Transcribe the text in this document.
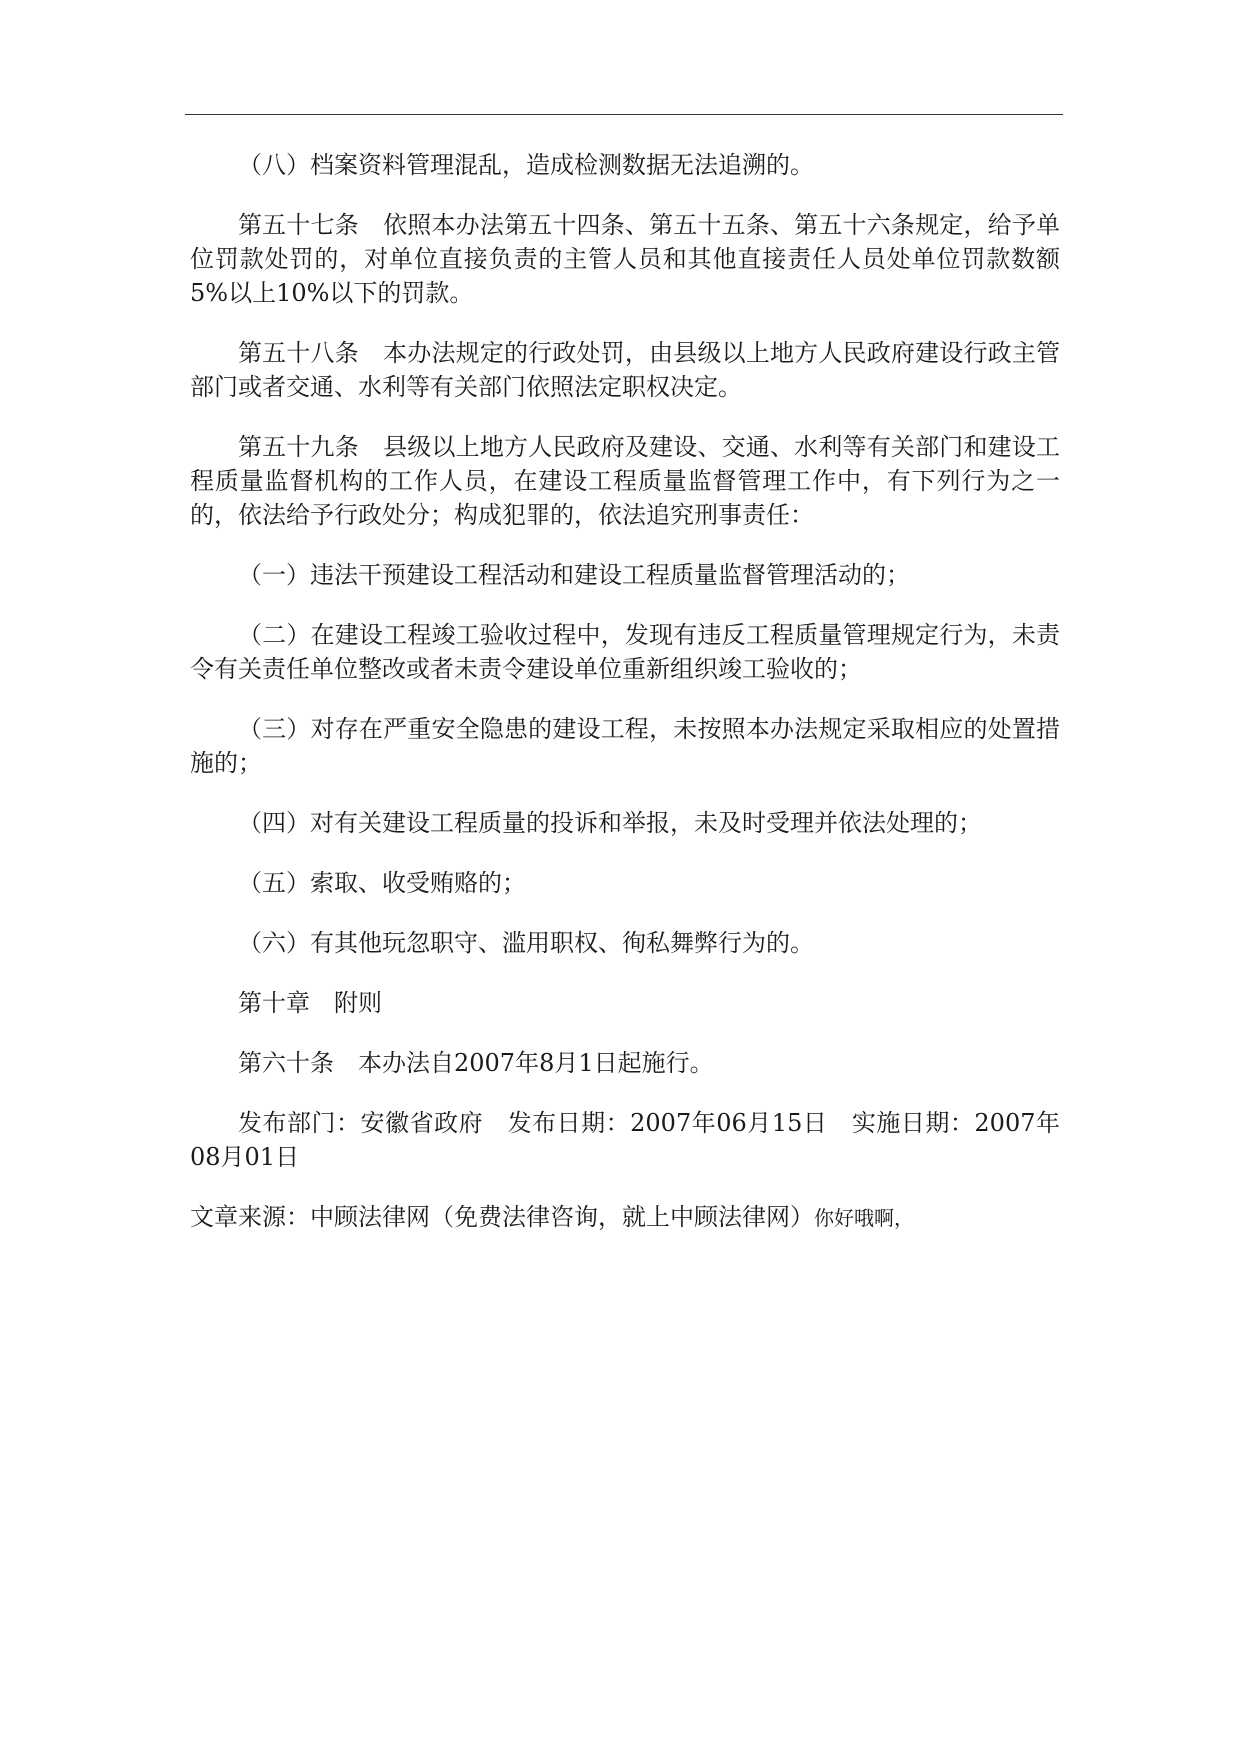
（八）档案资料管理混乱，造成检测数据无法追溯的。

第五十七条　依照本办法第五十四条、第五十五条、第五十六条规定，给予单位罚款处罚的，对单位直接负责的主管人员和其他直接责任人员处单位罚款数额5%以上10%以下的罚款。

第五十八条　本办法规定的行政处罚，由县级以上地方人民政府建设行政主管部门或者交通、水利等有关部门依照法定职权决定。

第五十九条　县级以上地方人民政府及建设、交通、水利等有关部门和建设工程质量监督机构的工作人员，在建设工程质量监督管理工作中，有下列行为之一的，依法给予行政处分；构成犯罪的，依法追究刑事责任：

（一）违法干预建设工程活动和建设工程质量监督管理活动的；

（二）在建设工程竣工验收过程中，发现有违反工程质量管理规定行为，未责令有关责任单位整改或者未责令建设单位重新组织竣工验收的；

（三）对存在严重安全隐患的建设工程，未按照本办法规定采取相应的处置措施的；

（四）对有关建设工程质量的投诉和举报，未及时受理并依法处理的；

（五）索取、收受贿赂的；

（六）有其他玩忽职守、滥用职权、徇私舞弊行为的。

第十章　附则

第六十条　本办法自2007年8月1日起施行。

发布部门：安徽省政府　发布日期：2007年06月15日　实施日期：2007年08月01日

文章来源：中顾法律网（免费法律咨询，就上中顾法律网）你好哦啊，
